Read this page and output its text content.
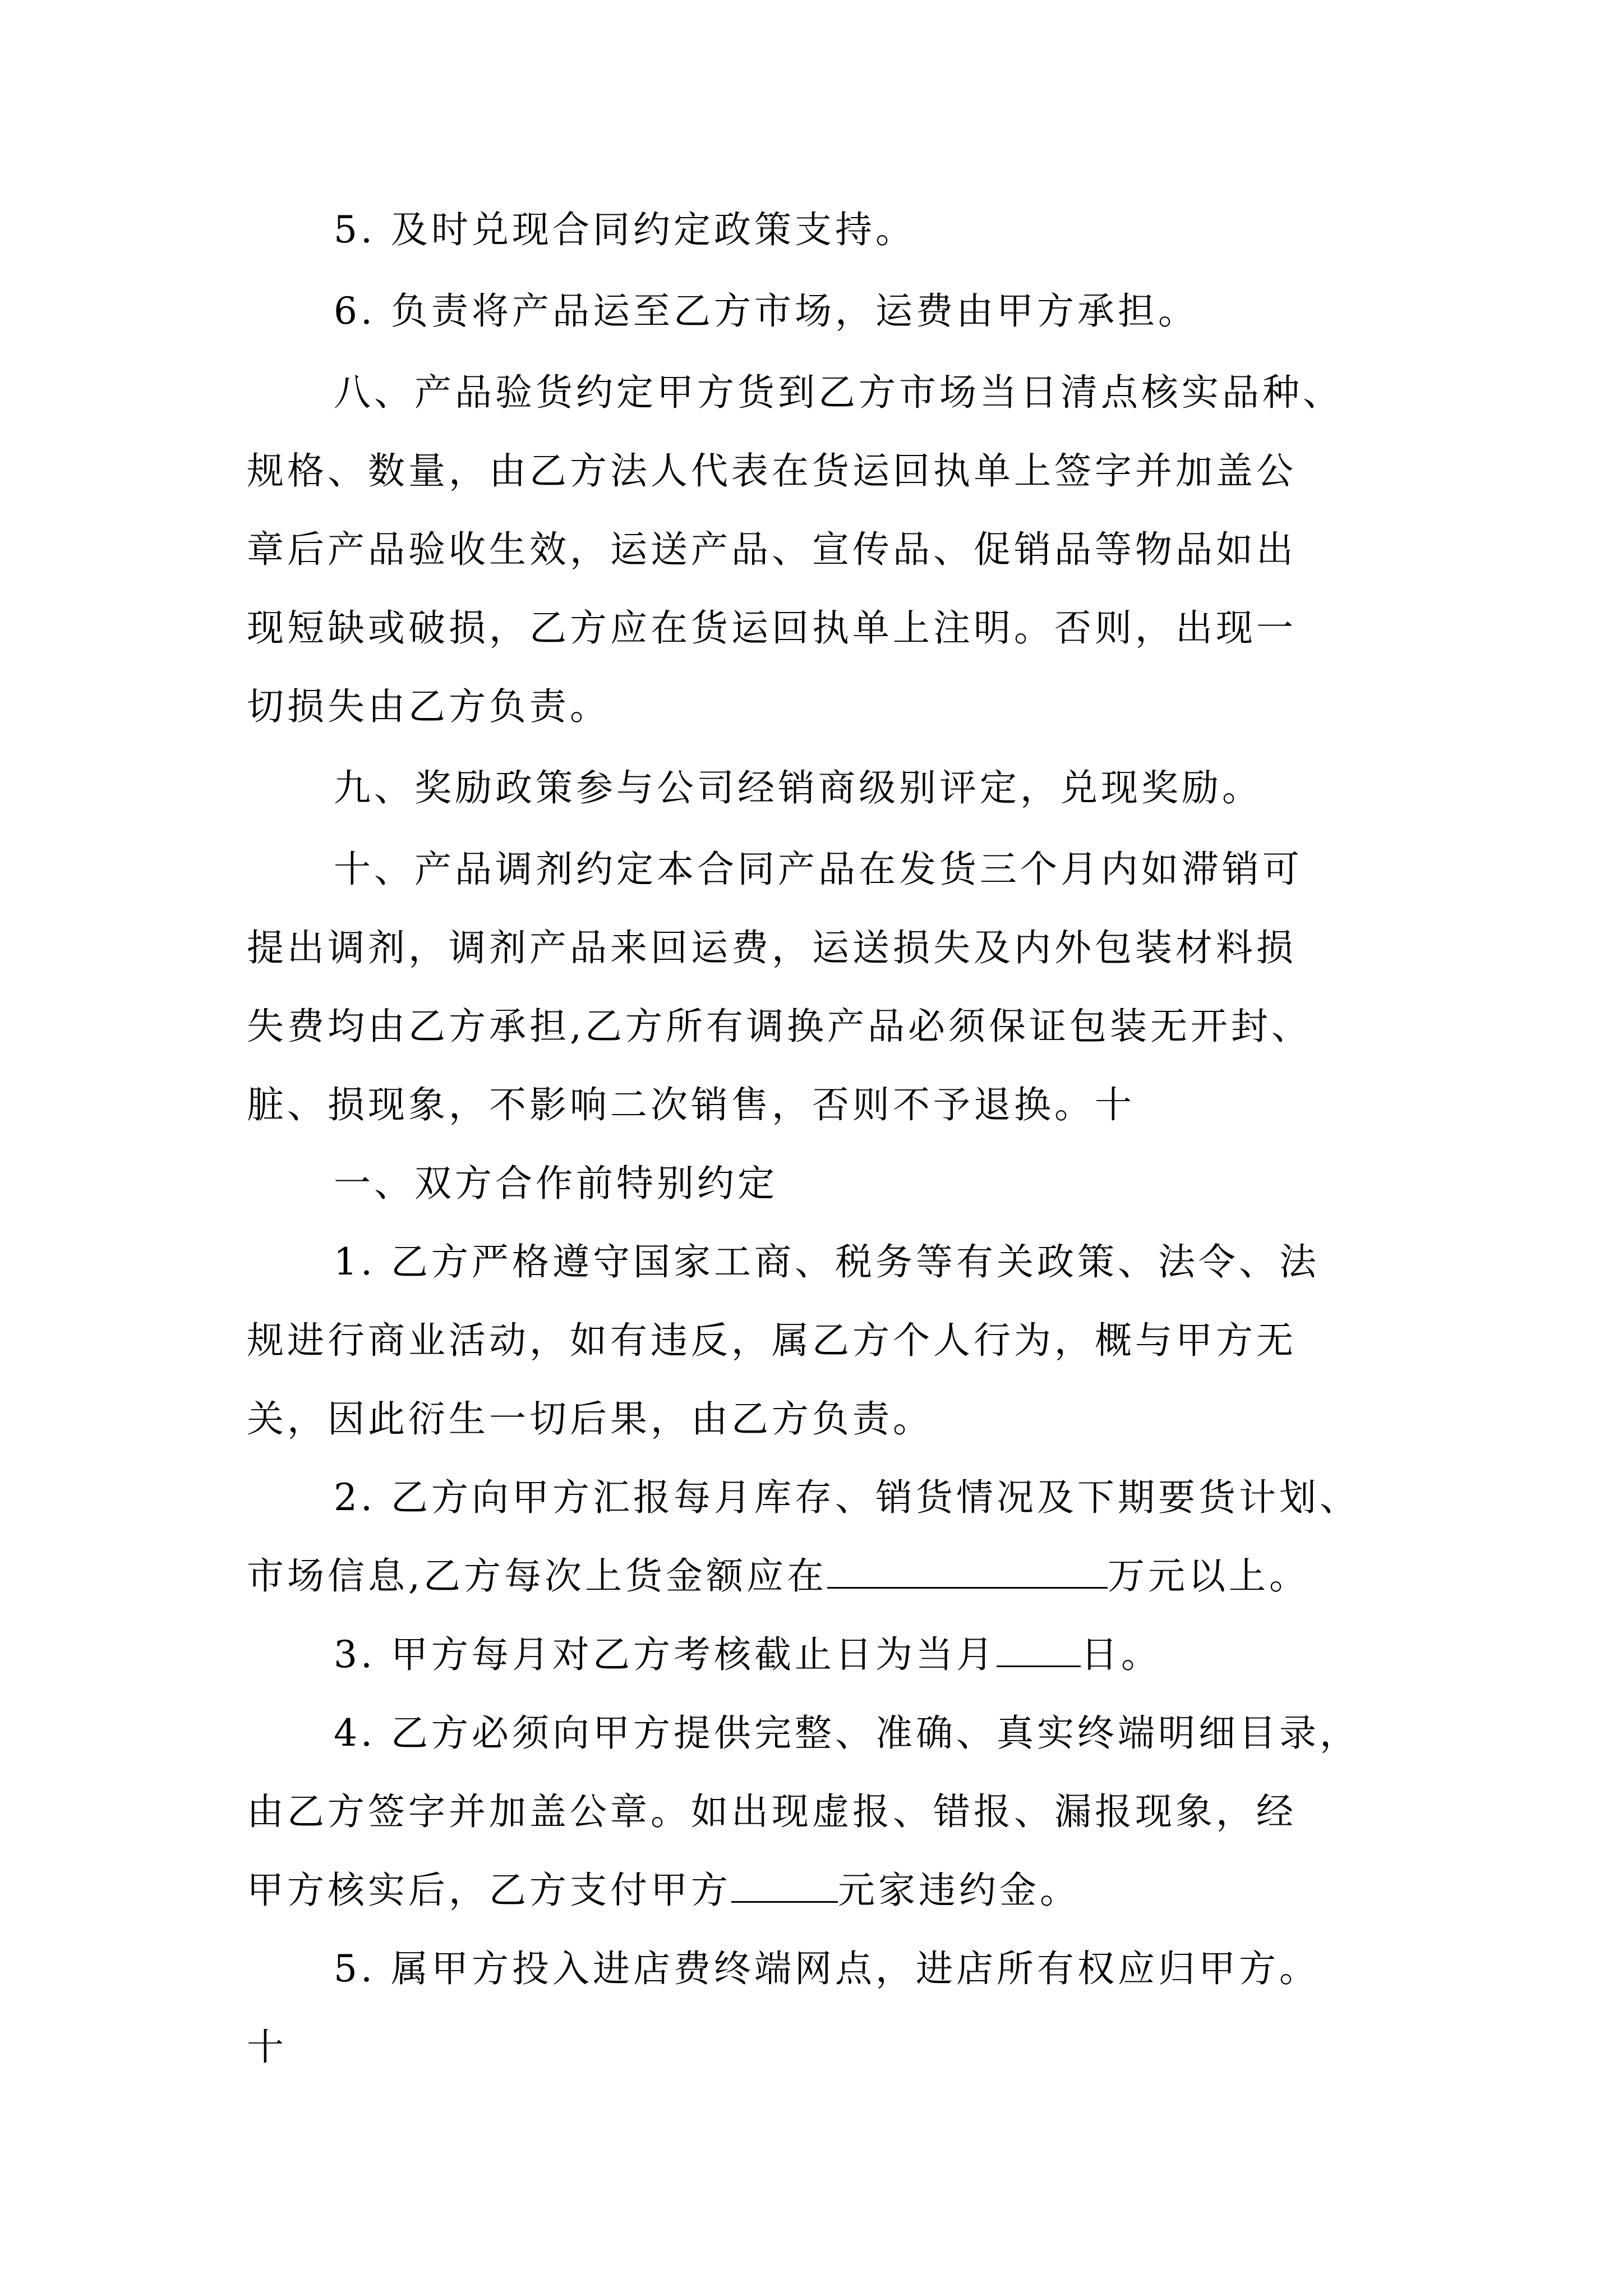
5. 及时兑现合同约定政策支持。

6. 负责将产品运至乙方市场，运费由甲方承担。

八、产品验货约定甲方货到乙方市场当日清点核实品种、

规格、数量，由乙方法人代表在货运回执单上签字并加盖公

章后产品验收生效，运送产品、宣传品、促销品等物品如出

现短缺或破损，乙方应在货运回执单上注明。否则，出现一

切损失由乙方负责。

九、奖励政策参与公司经销商级别评定，兑现奖励。

十、产品调剂约定本合同产品在发货三个月内如滞销可

提出调剂，调剂产品来回运费，运送损失及内外包装材料损

失费均由乙方承担,乙方所有调换产品必须保证包装无开封、

脏、损现象，不影响二次销售，否则不予退换。十

一、双方合作前特别约定

1. 乙方严格遵守国家工商、税务等有关政策、法令、法

规进行商业活动，如有违反，属乙方个人行为，概与甲方无

关，因此衍生一切后果，由乙方负责。

2. 乙方向甲方汇报每月库存、销货情况及下期要货计划、

市场信息,乙方每次上货金额应在	万元以上。

3. 甲方每月对乙方考核截止日为当月 日。

4. 乙方必须向甲方提供完整、准确、真实终端明细目录，

由乙方签字并加盖公章。如出现虚报、错报、漏报现象，经

甲方核实后，乙方支付甲方	元家违约金。

5. 属甲方投入进店费终端网点，进店所有权应归甲方。

十
